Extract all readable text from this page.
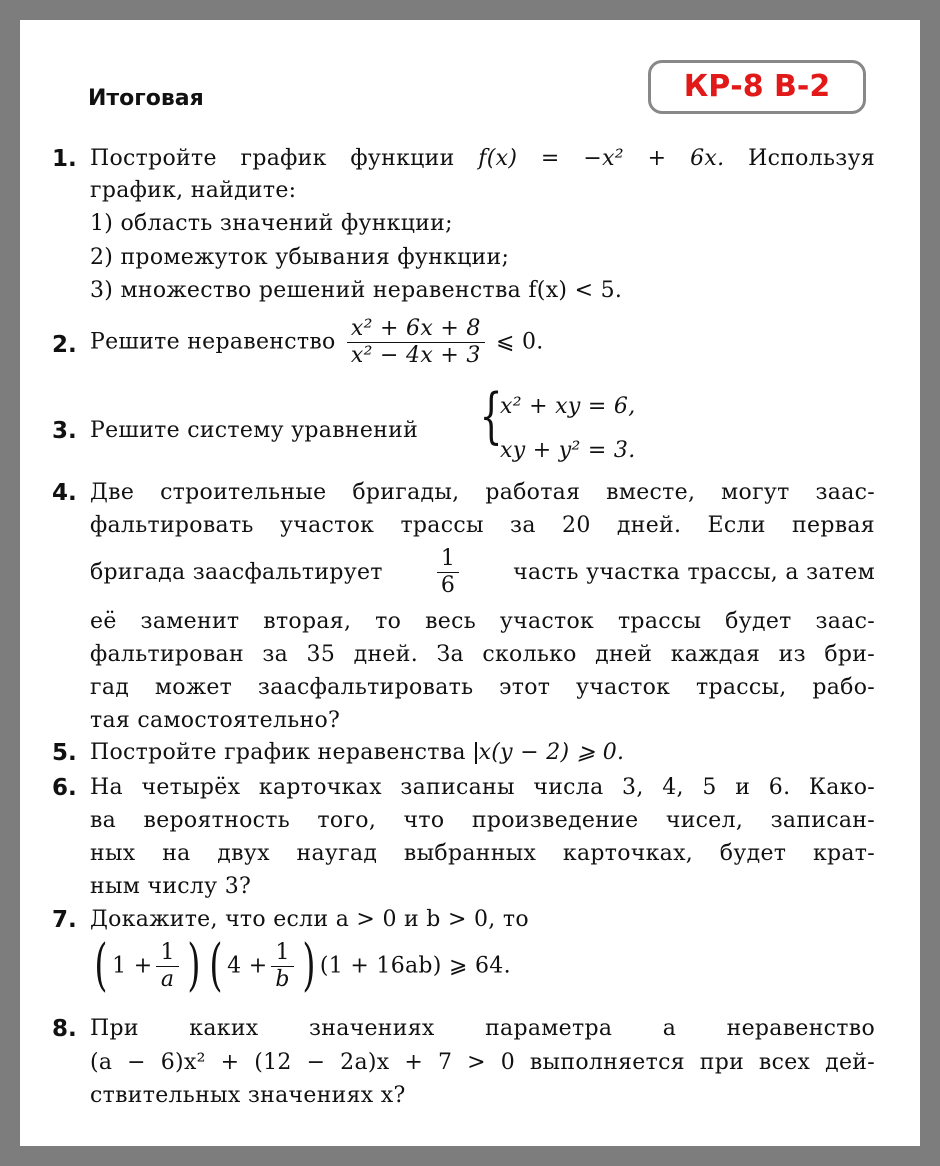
Итоговая	КР-8 В-2
1. Постройте график функции f(x) = −x² + 6x. Используя
график, найдите:
1) область значений функции;
2) промежуток убывания функции;
3) множество решений неравенства f(x) < 5.
2. Решите неравенство $\frac{\text{x² + 6x + 8}}{\text{x² − 4x + 3}}$ ⩽ 0.
3. Решите систему уравнений {
x² + xy = 6,
xy + y² = 3.
4. Две строительные бригады, работая вместе, могут заас-
фальтировать участок трассы за 20 дней. Если первая
бригада заасфальтирует $\frac{1}{6}$ часть участка трассы, а затем
её заменит вторая, то весь участок трассы будет заас-
фальтирован за 35 дней. За сколько дней каждая из бри-
гад может заасфальтировать этот участок трассы, рабо-
тая самостоятельно?
5. Постройте график неравенства x(y − 2) ⩾ 0.
6. На четырёх карточках записаны числа 3, 4, 5 и 6. Како-
ва вероятность того, что произведение чисел, записан-
ных на двух наугад выбранных карточках, будет крат-
ным числу 3?
7. Докажите, что если a > 0 и b > 0, то
( $1 + \frac{1}{a}$ ) ( $4 + \frac{1}{b}$ ) (1 + 16ab) ⩾ 64.
8. При каких значениях параметра a неравенство
(a − 6)x² + (12 − 2a)x + 7 > 0 выполняется при всех дей-
ствительных значениях x?
